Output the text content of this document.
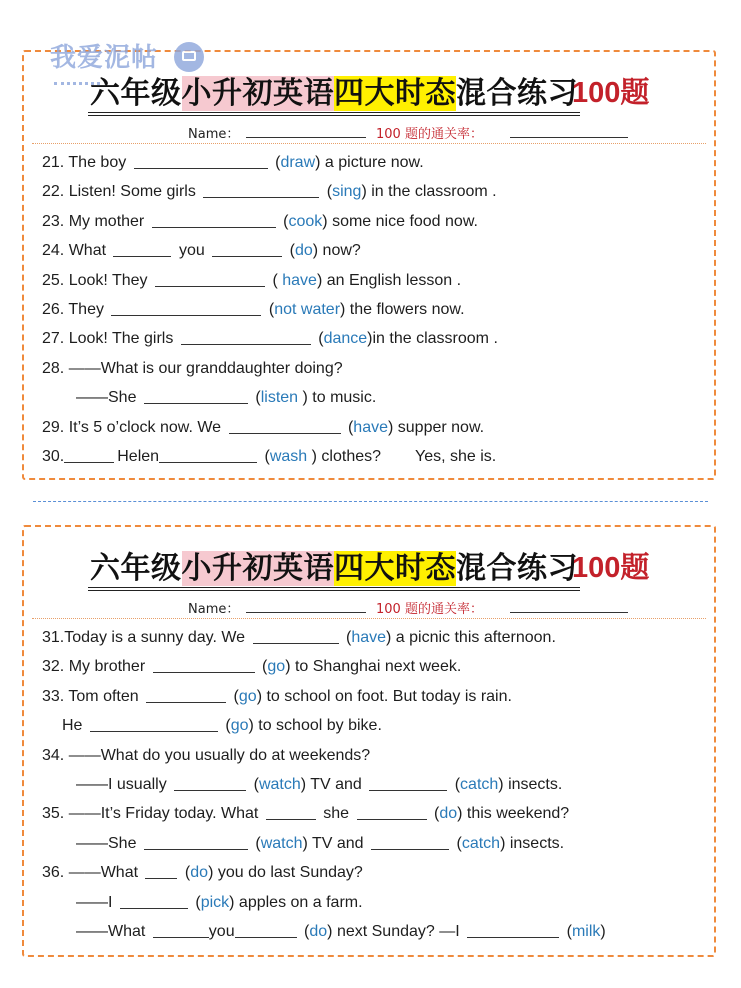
我爱泥帖
六年级小升初英语四大时态混合练习
100题
Name：	100 题的通关率：
21. The boy	(draw) a picture now.
22. Listen! Some girls	(sing) in the classroom .
23. My mother	(cook) some nice food now.
24. What	you	(do) now?
25. Look! They	( have) an English lesson .
26. They	(not water) the flowers now.
27. Look! The girls	(dance)in the classroom .
28. ——What is our granddaughter doing?
——She	(listen ) to music.
29. It’s 5 o’clock now. We	(have) supper now.
30.	Helen	(wash ) clothes? Yes, she is.
六年级小升初英语四大时态混合练习
100题
Name：	100 题的通关率：
31.Today is a sunny day. We	(have) a picnic this afternoon.
32. My brother	(go) to Shanghai next week.
33. Tom often	(go) to school on foot. But today is rain.
He	(go) to school by bike.
34. ——What do you usually do at weekends?
——I usually	(watch) TV and	(catch) insects.
35. ——It’s Friday today. What	she	(do) this weekend?
——She	(watch) TV and	(catch) insects.
36. ——What	(do) you do last Sunday?
——I	(pick) apples on a farm.
——What	you	(do) next Sunday? —I	(milk)
